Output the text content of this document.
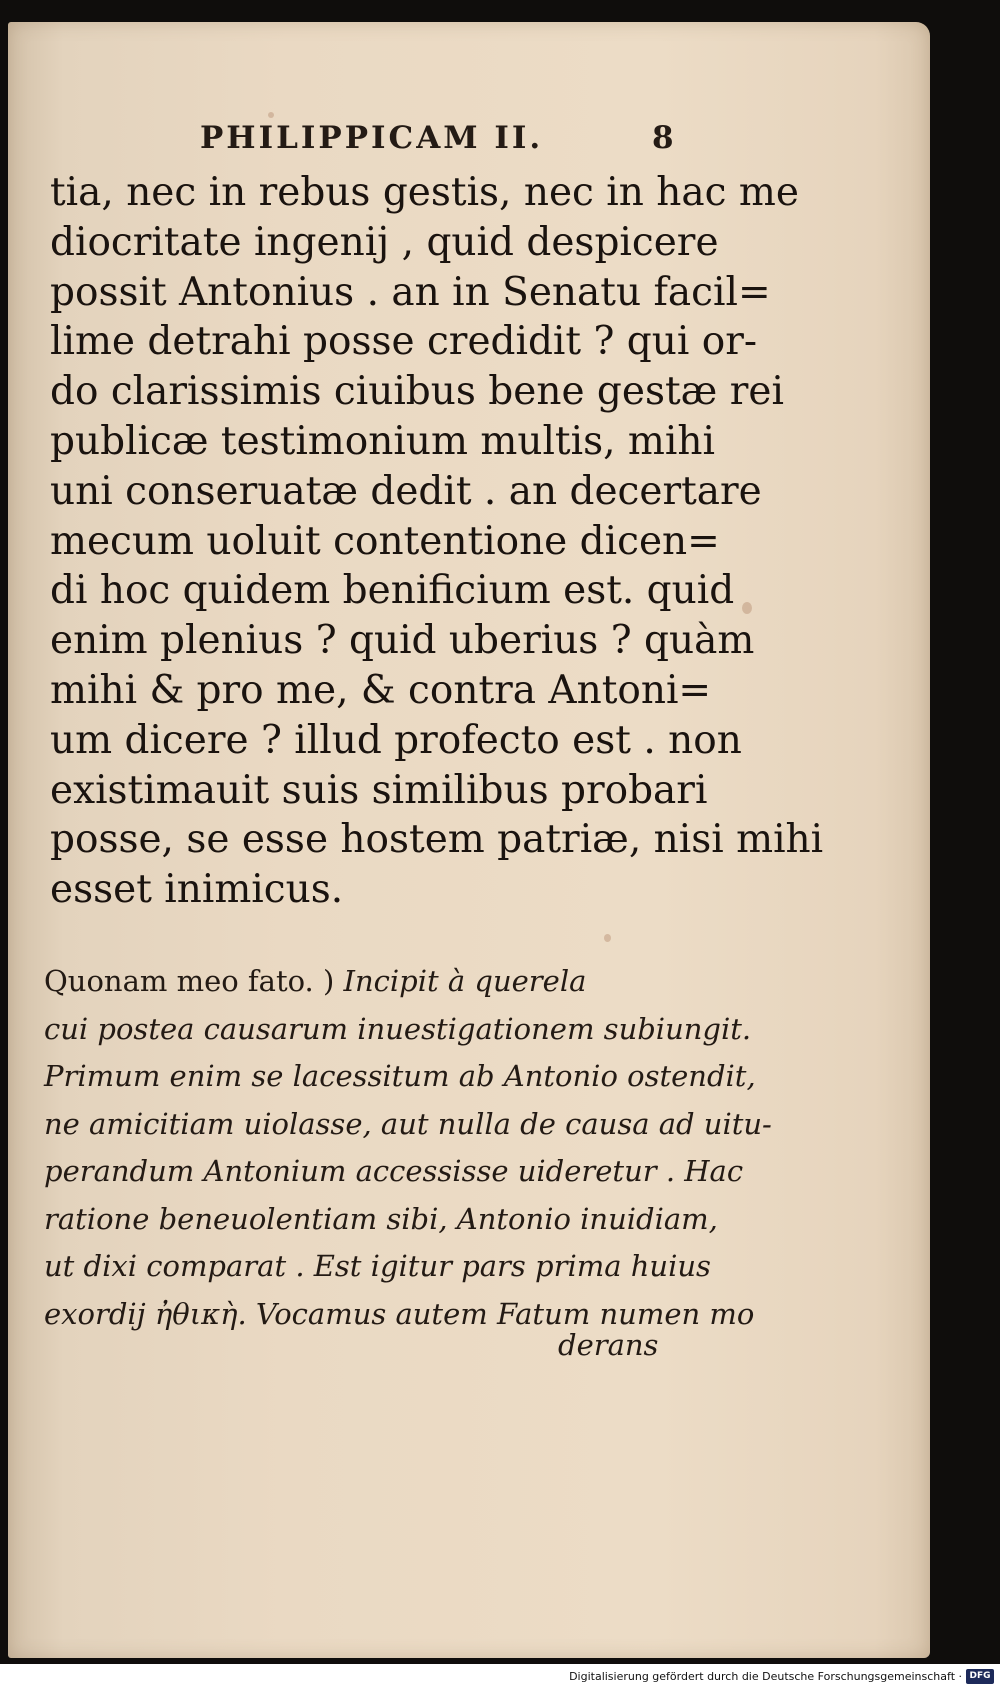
PHILIPPICAM II.	8
tia, nec in rebus gestis, nec in hac me
diocritate ingenij , quid despicere
possit Antonius . an in Senatu facil=
lime detrahi posse credidit ? qui or-
do clarissimis ciuibus bene gestæ rei
publicæ testimonium multis, mihi
uni conseruatæ dedit . an decertare
mecum uoluit contentione dicen=
di hoc quidem benificium est. quid
enim plenius ? quid uberius ? quàm
mihi & pro me, & contra Antoni=
um dicere ? illud profecto est . non
existimauit suis similibus probari
posse, se esse hostem patriæ, nisi mihi
esset inimicus.
Quonam meo fato. ) Incipit à querela
cui postea causarum inuestigationem subiungit.
Primum enim se lacessitum ab Antonio ostendit,
ne amicitiam uiolasse, aut nulla de causa ad uitu-
perandum Antonium accessisse uideretur . Hac
ratione beneuolentiam sibi, Antonio inuidiam,
ut dixi comparat . Est igitur pars prima huius
exordij ἠθικὴ. Vocamus autem Fatum numen mo
derans
Digitalisierung gefördert durch die Deutsche Forschungsgemeinschaft · DFG
